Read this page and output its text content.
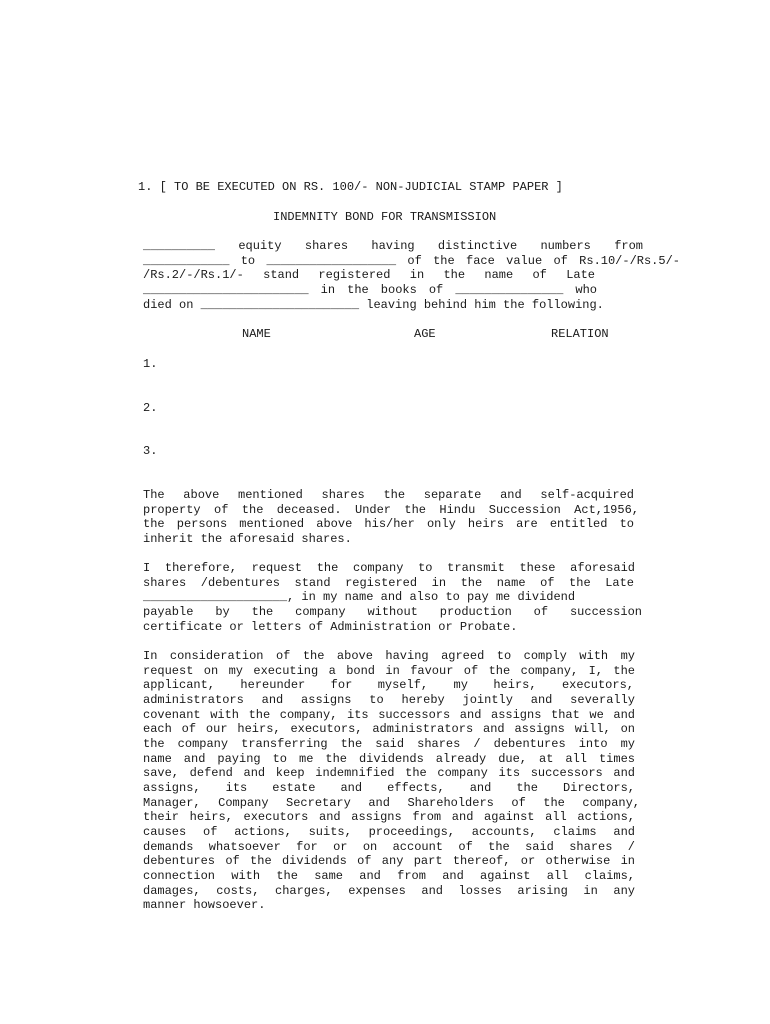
1. [ TO BE EXECUTED ON RS. 100/- NON-JUDICIAL STAMP PAPER ]
INDEMNITY BOND FOR TRANSMISSION
__________ equity shares having distinctive numbers from
____________ to __________________ of the face value of Rs.10/-/Rs.5/-
/Rs.2/-/Rs.1/- stand registered in the name of Late
_______________________ in the books of _______________ who
died on ______________________ leaving behind him the following.
NAME	AGE	RELATION
1.
2.
3.
The above mentioned shares the separate and self-acquired
property of the deceased. Under the Hindu Succession Act,1956,
the persons mentioned above his/her only heirs are entitled to
inherit the aforesaid shares.
I therefore, request the company to transmit these aforesaid
shares /debentures stand registered in the name of the Late
____________________, in my name and also to pay me dividend
payable by the company without production of succession
certificate or letters of Administration or Probate.
In consideration of the above having agreed to comply with my
request on my executing a bond in favour of the company, I, the
applicant, hereunder for myself, my heirs, executors,
administrators and assigns to hereby jointly and severally
covenant with the company, its successors and assigns that we and
each of our heirs, executors, administrators and assigns will, on
the company transferring the said shares / debentures into my
name and paying to me the dividends already due, at all times
save, defend and keep indemnified the company its successors and
assigns, its estate and effects, and the Directors,
Manager, Company Secretary and Shareholders of the company,
their heirs, executors and assigns from and against all actions,
causes of actions, suits, proceedings, accounts, claims and
demands whatsoever for or on account of the said shares /
debentures of the dividends of any part thereof, or otherwise in
connection with the same and from and against all claims,
damages, costs, charges, expenses and losses arising in any
manner howsoever.
